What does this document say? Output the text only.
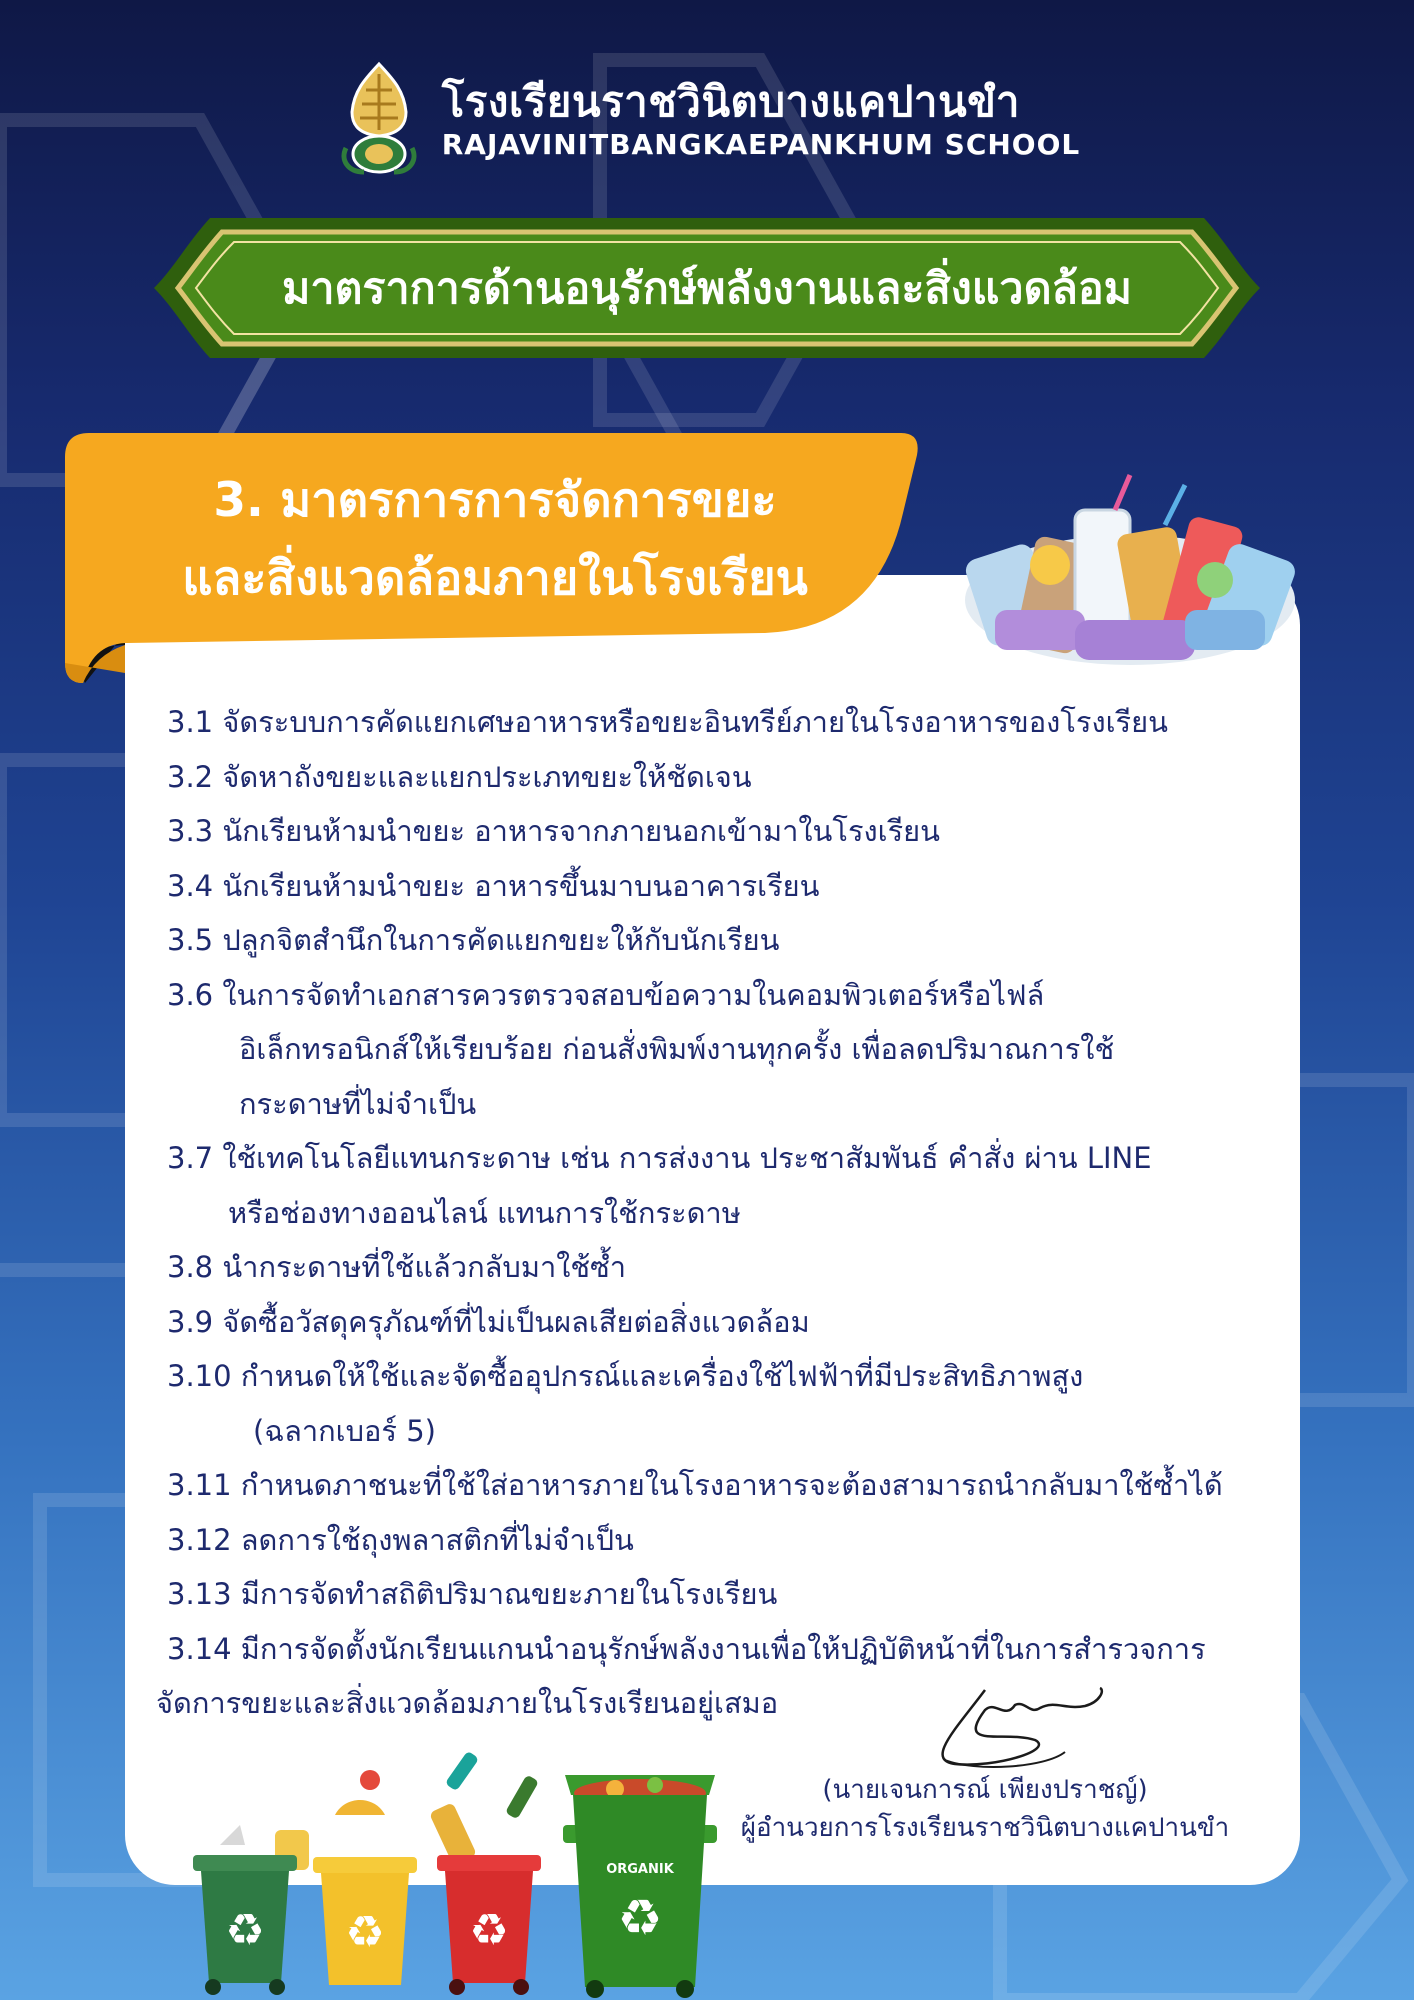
โรงเรียนราชวินิตบางแคปานขำ
RAJAVINITBANGKAEPANKHUM SCHOOL
มาตราการด้านอนุรักษ์พลังงานและสิ่งแวดล้อม
3. มาตรการการจัดการขยะ
และสิ่งแวดล้อมภายในโรงเรียน
3.1 จัดระบบการคัดแยกเศษอาหารหรือขยะอินทรีย์ภายในโรงอาหารของโรงเรียน
3.2 จัดหาถังขยะและแยกประเภทขยะให้ชัดเจน
3.3 นักเรียนห้ามนำขยะ อาหารจากภายนอกเข้ามาในโรงเรียน
3.4 นักเรียนห้ามนำขยะ อาหารขึ้นมาบนอาคารเรียน
3.5 ปลูกจิตสำนึกในการคัดแยกขยะให้กับนักเรียน
3.6 ในการจัดทำเอกสารควรตรวจสอบข้อความในคอมพิวเตอร์หรือไฟล์
อิเล็กทรอนิกส์ให้เรียบร้อย ก่อนสั่งพิมพ์งานทุกครั้ง เพื่อลดปริมาณการใช้
กระดาษที่ไม่จำเป็น
3.7 ใช้เทคโนโลยีแทนกระดาษ เช่น การส่งงาน ประชาสัมพันธ์ คำสั่ง ผ่าน LINE
หรือช่องทางออนไลน์ แทนการใช้กระดาษ
3.8 นำกระดาษที่ใช้แล้วกลับมาใช้ซ้ำ
3.9 จัดซื้อวัสดุครุภัณฑ์ที่ไม่เป็นผลเสียต่อสิ่งแวดล้อม
3.10 กำหนดให้ใช้และจัดซื้ออุปกรณ์และเครื่องใช้ไฟฟ้าที่มีประสิทธิภาพสูง
(ฉลากเบอร์ 5)
3.11 กำหนดภาชนะที่ใช้ใส่อาหารภายในโรงอาหารจะต้องสามารถนำกลับมาใช้ซ้ำได้
3.12 ลดการใช้ถุงพลาสติกที่ไม่จำเป็น
3.13 มีการจัดทำสถิติปริมาณขยะภายในโรงเรียน
3.14 มีการจัดตั้งนักเรียนแกนนำอนุรักษ์พลังงานเพื่อให้ปฏิบัติหน้าที่ในการสำรวจการ
จัดการขยะและสิ่งแวดล้อมภายในโรงเรียนอยู่เสมอ
(นายเจนการณ์ เพียงปราชญ์)
ผู้อำนวยการโรงเรียนราชวินิตบางแคปานขำ
♻ ♻ ♻
ORGANIK
♻
